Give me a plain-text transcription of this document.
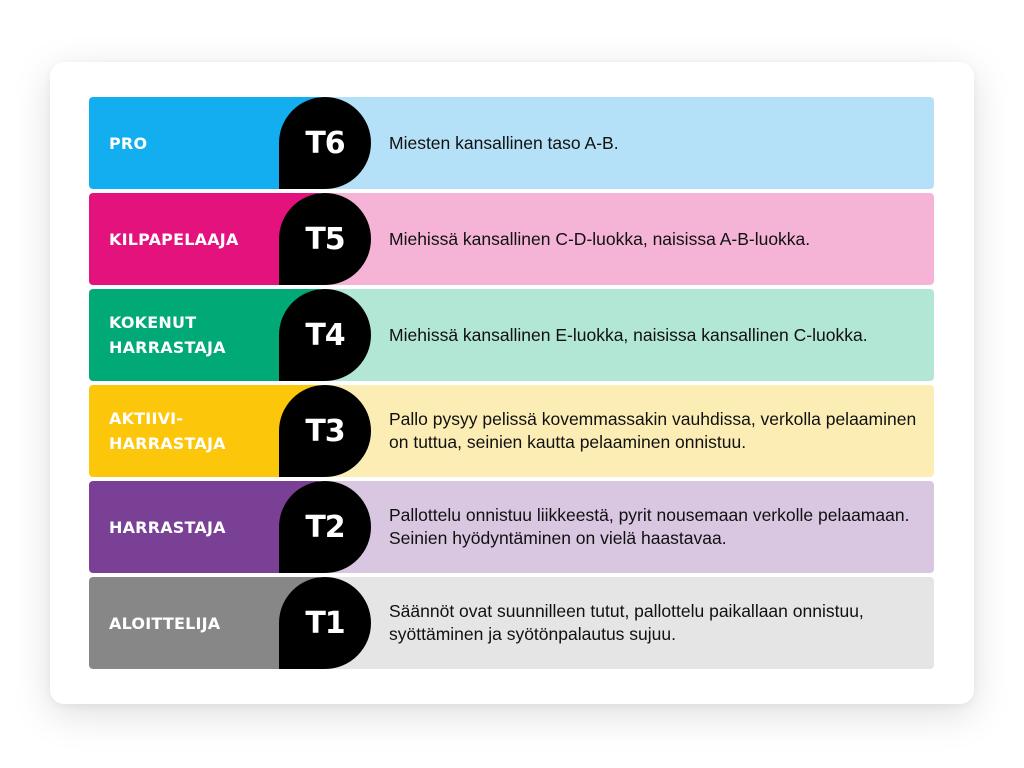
PRO	Miesten kansallinen taso A-B.
T6
KILPAPELAAJA	Miehissä kansallinen C-D-luokka, naisissa A-B-luokka.
T5
KOKENUT
HARRASTAJA
Miehissä kansallinen E-luokka, naisissa kansallinen C-luokka.
T4
AKTIIVI-
HARRASTAJA
Pallo pysyy pelissä kovemmassakin vauhdissa, verkolla pelaaminen on tuttua, seinien kautta pelaaminen onnistuu.
T3
HARRASTAJA
Pallottelu onnistuu liikkeestä, pyrit nousemaan verkolle pelaamaan. Seinien hyödyntäminen on vielä haastavaa.
T2
ALOITTELIJA
Säännöt ovat suunnilleen tutut, pallottelu paikallaan onnistuu, syöttäminen ja syötönpalautus sujuu.
T1
